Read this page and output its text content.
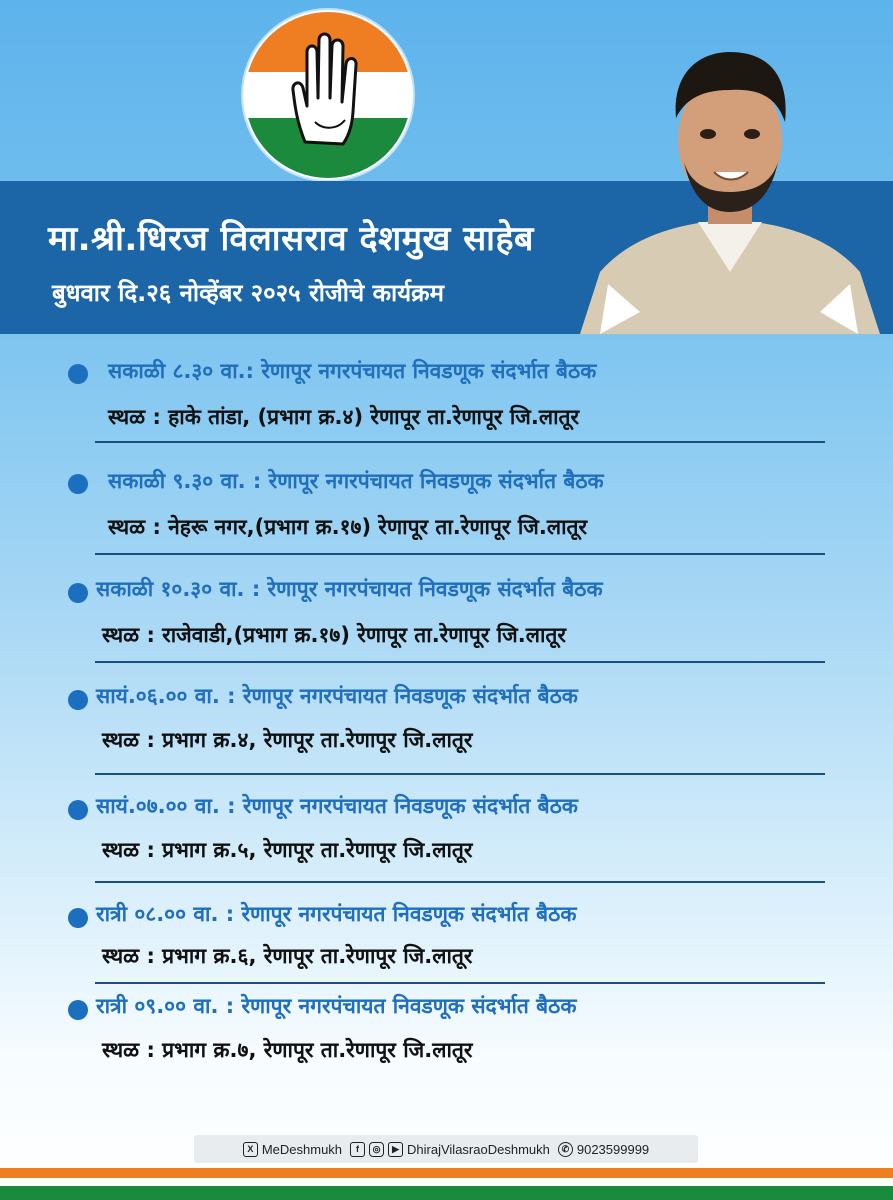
मा.श्री.धिरज विलासराव देशमुख साहेब
बुधवार दि.२६ नोव्हेंबर २०२५ रोजीचे कार्यक्रम
सकाळी ८.३० वा.: रेणापूर नगरपंचायत निवडणूक संदर्भात बैठक
स्थळ : हाके तांडा, (प्रभाग क्र.४) रेणापूर ता.रेणापूर जि.लातूर
सकाळी ९.३० वा. : रेणापूर नगरपंचायत निवडणूक संदर्भात बैठक
स्थळ : नेहरू नगर,(प्रभाग क्र.१७) रेणापूर ता.रेणापूर जि.लातूर
सकाळी १०.३० वा. : रेणापूर नगरपंचायत निवडणूक संदर्भात बैठक
स्थळ : राजेवाडी,(प्रभाग क्र.१७) रेणापूर ता.रेणापूर जि.लातूर
सायं.०६.०० वा. : रेणापूर नगरपंचायत निवडणूक संदर्भात बैठक
स्थळ : प्रभाग क्र.४, रेणापूर ता.रेणापूर जि.लातूर
सायं.०७.०० वा. : रेणापूर नगरपंचायत निवडणूक संदर्भात बैठक
स्थळ : प्रभाग क्र.५, रेणापूर ता.रेणापूर जि.लातूर
रात्री ०८.०० वा. : रेणापूर नगरपंचायत निवडणूक संदर्भात बैठक
स्थळ : प्रभाग क्र.६, रेणापूर ता.रेणापूर जि.लातूर
रात्री ०९.०० वा. : रेणापूर नगरपंचायत निवडणूक संदर्भात बैठक
स्थळ : प्रभाग क्र.७, रेणापूर ता.रेणापूर जि.लातूर
X MeDeshmukh	f	◎	▶ DhirajVilasraoDeshmukh	✆ 9023599999
